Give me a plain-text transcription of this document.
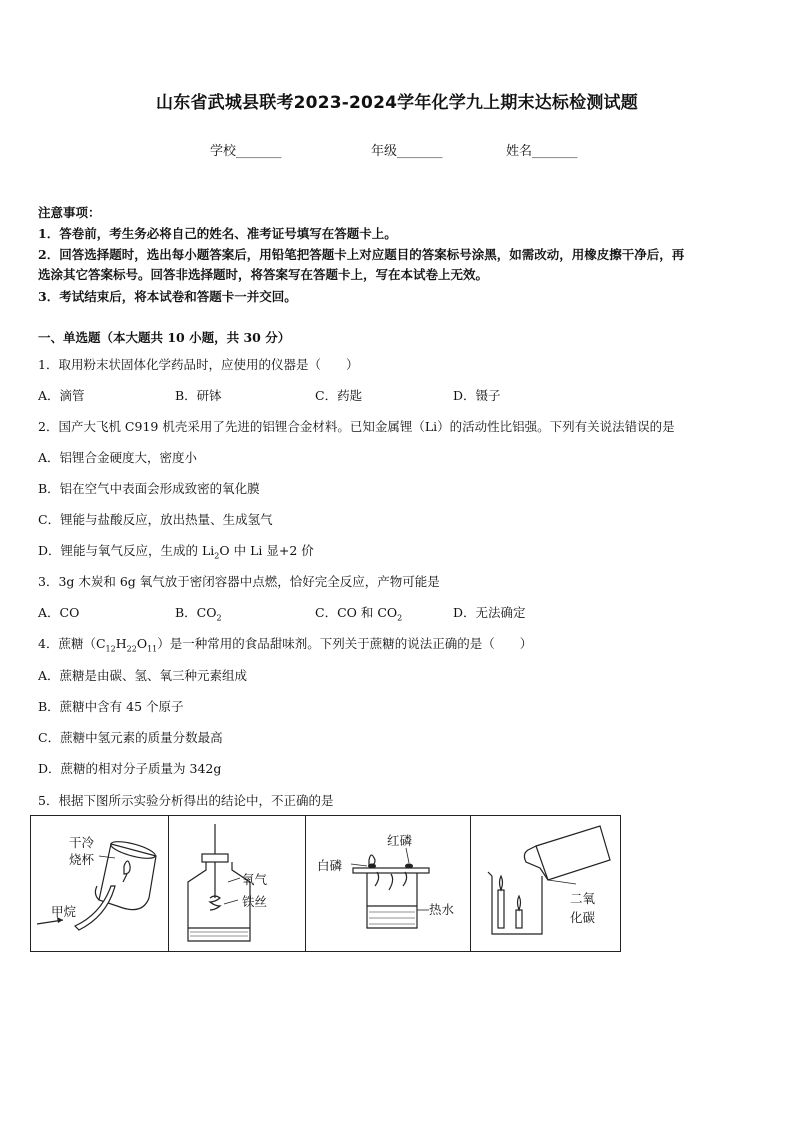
山东省武城县联考2023-2024学年化学九上期末达标检测试题
学校_______	年级_______	姓名_______
注意事项：
1．答卷前，考生务必将自己的姓名、准考证号填写在答题卡上。
2．回答选择题时，选出每小题答案后，用铅笔把答题卡上对应题目的答案标号涂黑，如需改动，用橡皮擦干净后，再
选涂其它答案标号。回答非选择题时，将答案写在答题卡上，写在本试卷上无效。
3．考试结束后，将本试卷和答题卡一并交回。
一、单选题（本大题共 10 小题，共 30 分）
1．取用粉末状固体化学药品时，应使用的仪器是（　　）
A．滴管	B．研钵	C．药匙	D．镊子
2．国产大飞机 C919 机壳采用了先进的铝锂合金材料。已知金属锂（Li）的活动性比铝强。下列有关说法错误的是
A．铝锂合金硬度大，密度小
B．铝在空气中表面会形成致密的氧化膜
C．锂能与盐酸反应，放出热量、生成氢气
D．锂能与氧气反应，生成的 $Li_2O$ 中 Li 显+2 价
3．3g 木炭和 6g 氧气放于密闭容器中点燃，恰好完全反应，产物可能是
A．CO	B．$CO_2$	C．CO 和 $CO_2$	D．无法确定
4．蔗糖$(C_{12}H_{22}O_{11})$是一种常用的食品甜味剂。下列关于蔗糖的说法正确的是（　　）
A．蔗糖是由碳、氢、氧三种元素组成
B．蔗糖中含有 45 个原子
C．蔗糖中氢元素的质量分数最高
D．蔗糖的相对分子质量为 342g
5．根据下图所示实验分析得出的结论中，不正确的是
干冷
烧杯
甲烷
氧气
铁丝
红磷
白磷
热水
二氧
化碳
